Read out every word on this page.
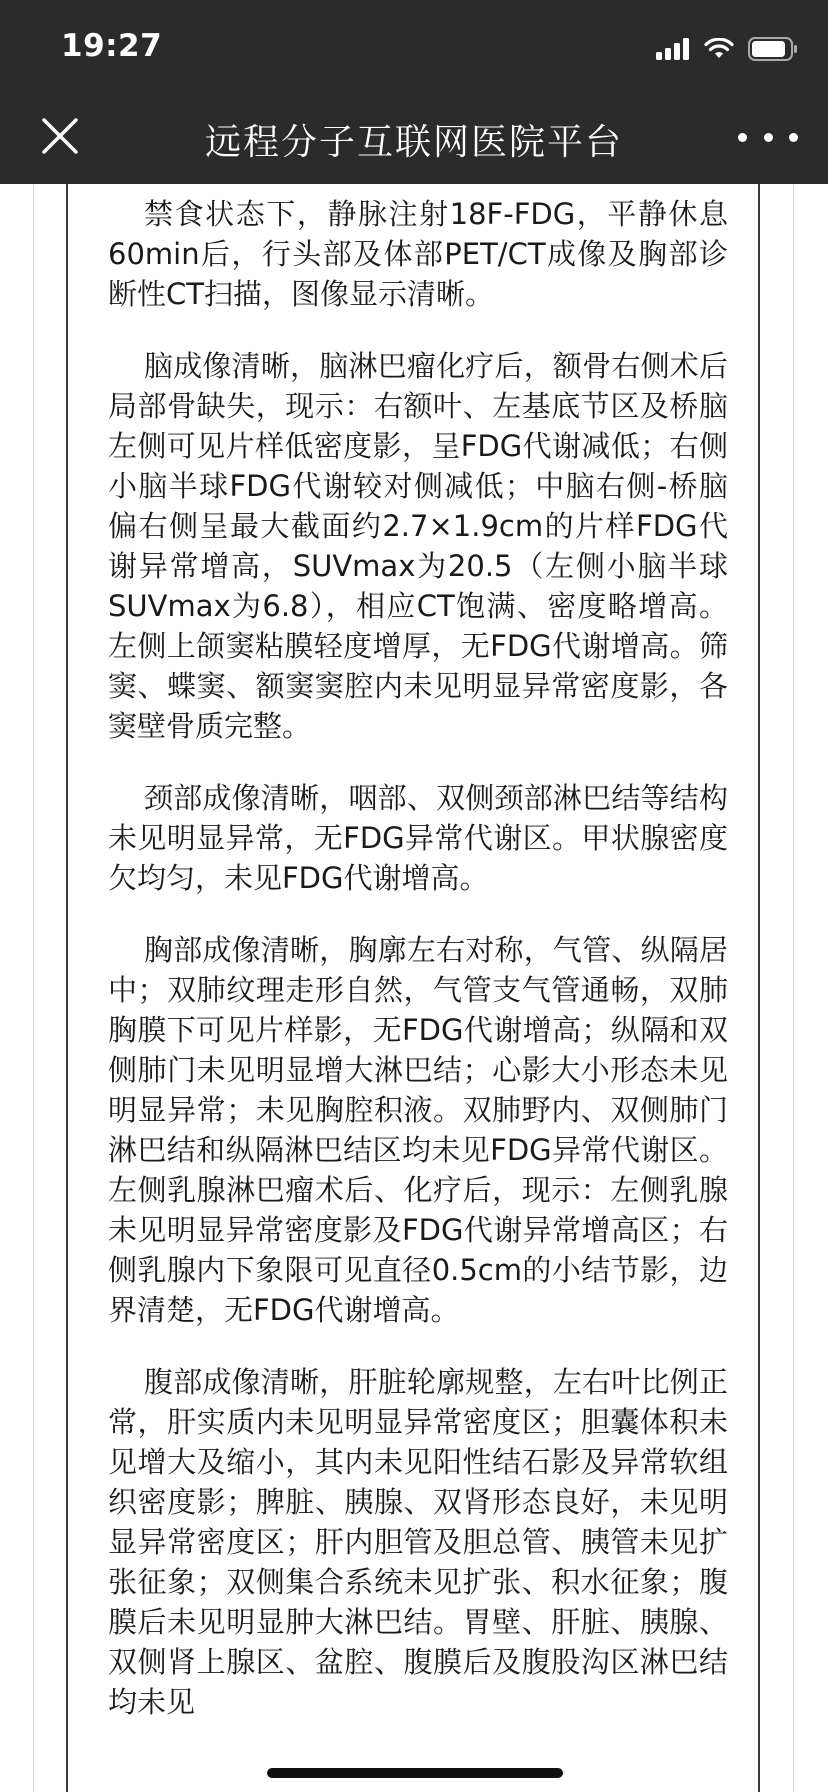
19:27
远程分子互联网医院平台

禁食状态下，静脉注射18F-FDG，平静休息60min后，行头部及体部PET/CT成像及胸部诊断性CT扫描，图像显示清晰。

脑成像清晰，脑淋巴瘤化疗后，额骨右侧术后局部骨缺失，现示：右额叶、左基底节区及桥脑左侧可见片样低密度影，呈FDG代谢减低；右侧小脑半球FDG代谢较对侧减低；中脑右侧-桥脑偏右侧呈最大截面约2.7×1.9cm的片样FDG代谢异常增高，SUVmax为20.5（左侧小脑半球SUVmax为6.8），相应CT饱满、密度略增高。左侧上颌窦粘膜轻度增厚，无FDG代谢增高。筛窦、蝶窦、额窦窦腔内未见明显异常密度影，各窦壁骨质完整。

颈部成像清晰，咽部、双侧颈部淋巴结等结构未见明显异常，无FDG异常代谢区。甲状腺密度欠均匀，未见FDG代谢增高。

胸部成像清晰，胸廓左右对称，气管、纵隔居中；双肺纹理走形自然，气管支气管通畅，双肺胸膜下可见片样影，无FDG代谢增高；纵隔和双侧肺门未见明显增大淋巴结；心影大小形态未见明显异常；未见胸腔积液。双肺野内、双侧肺门淋巴结和纵隔淋巴结区均未见FDG异常代谢区。左侧乳腺淋巴瘤术后、化疗后，现示：左侧乳腺未见明显异常密度影及FDG代谢异常增高区；右侧乳腺内下象限可见直径0.5cm的小结节影，边界清楚，无FDG代谢增高。

腹部成像清晰，肝脏轮廓规整，左右叶比例正常，肝实质内未见明显异常密度区；胆囊体积未见增大及缩小，其内未见阳性结石影及异常软组织密度影；脾脏、胰腺、双肾形态良好，未见明显异常密度区；肝内胆管及胆总管、胰管未见扩张征象；双侧集合系统未见扩张、积水征象；腹膜后未见明显肿大淋巴结。胃壁、肝脏、胰腺、双侧肾上腺区、盆腔、腹膜后及腹股沟区淋巴结均未见
